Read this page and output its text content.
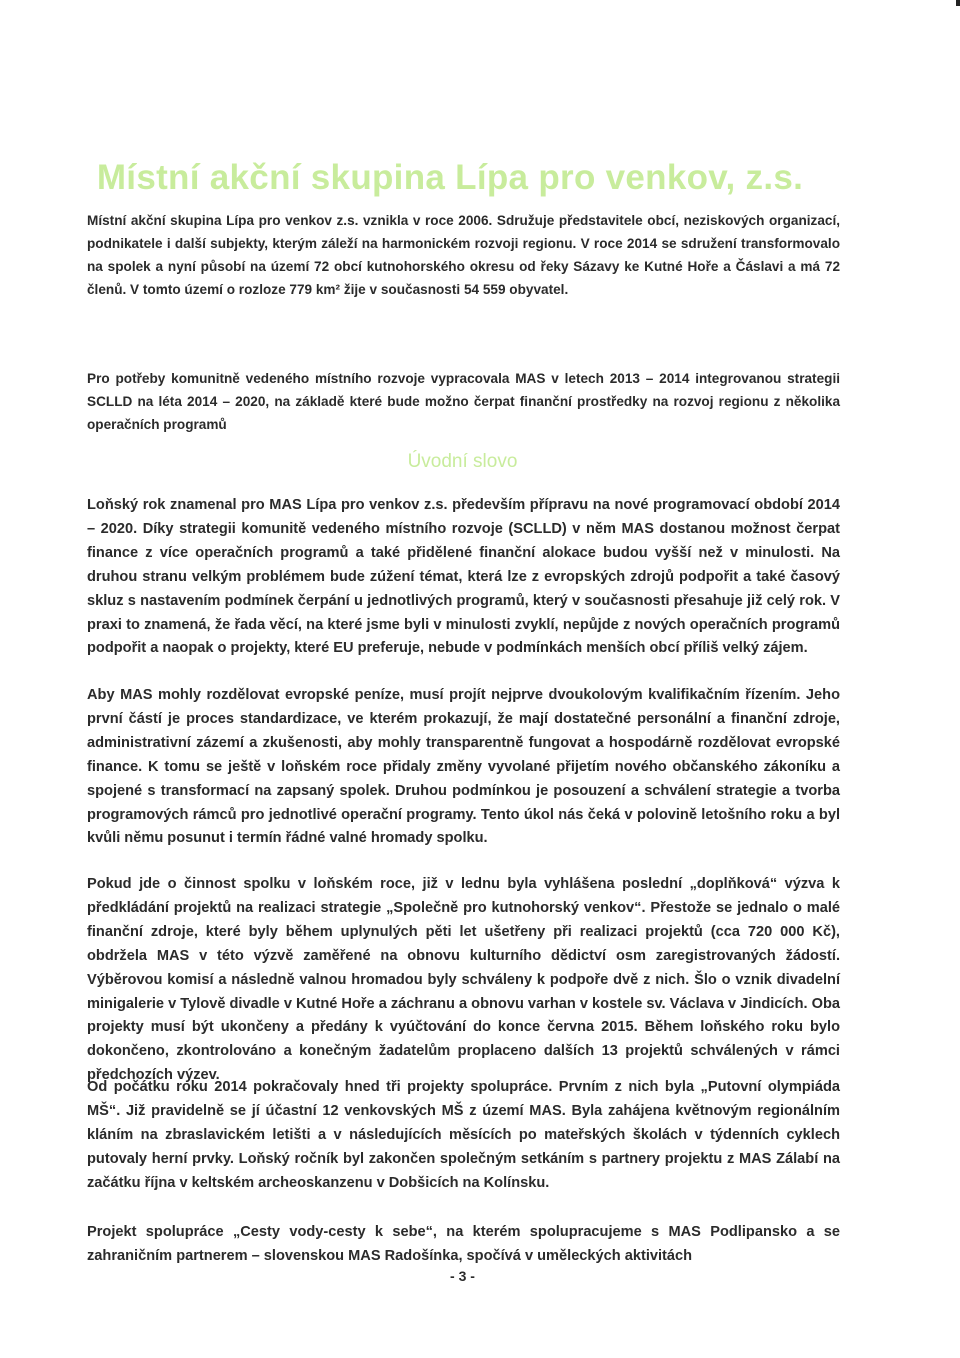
Místní akční skupina Lípa pro venkov, z.s.

Místní akční skupina Lípa pro venkov z.s. vznikla v roce 2006. Sdružuje představitele obcí, neziskových organizací, podnikatele i další subjekty, kterým záleží na harmonickém rozvoji regionu. V roce 2014 se sdružení transformovalo na spolek a nyní působí na území 72 obcí kutnohorského okresu od řeky Sázavy ke Kutné Hoře a Čáslavi a má 72 členů. V tomto území o rozloze 779 km² žije v současnosti 54 559 obyvatel.

Pro potřeby komunitně vedeného místního rozvoje vypracovala MAS v letech 2013 – 2014 integrovanou strategii SCLLD na léta 2014 – 2020, na základě které bude možno čerpat finanční prostředky na rozvoj regionu z několika operačních programů

Úvodní slovo

Loňský rok znamenal pro MAS Lípa pro venkov z.s. především přípravu na nové programovací období 2014 – 2020. Díky strategii komunitě vedeného místního rozvoje (SCLLD) v něm MAS dostanou možnost čerpat finance z více operačních programů a také přidělené finanční alokace budou vyšší než v minulosti. Na druhou stranu velkým problémem bude zúžení témat, která lze z evropských zdrojů podpořit a také časový skluz s nastavením podmínek čerpání u jednotlivých programů, který v současnosti přesahuje již celý rok. V praxi to znamená, že řada věcí, na které jsme byli v minulosti zvyklí, nepůjde z nových operačních programů podpořit a naopak o projekty, které EU preferuje, nebude v podmínkách menších obcí příliš velký zájem.

Aby MAS mohly rozdělovat evropské peníze, musí projít nejprve dvoukolovým kvalifikačním řízením. Jeho první částí je proces standardizace, ve kterém prokazují, že mají dostatečné personální a finanční zdroje, administrativní zázemí a zkušenosti, aby mohly transparentně fungovat a hospodárně rozdělovat evropské finance. K tomu se ještě v loňském roce přidaly změny vyvolané přijetím nového občanského zákoníku a spojené s transformací na zapsaný spolek. Druhou podmínkou je posouzení a schválení strategie a tvorba programových rámců pro jednotlivé operační programy. Tento úkol nás čeká v polovině letošního roku a byl kvůli němu posunut i termín řádné valné hromady spolku.

Pokud jde o činnost spolku v loňském roce, již v lednu byla vyhlášena poslední „doplňková“ výzva k předkládání projektů na realizaci strategie „Společně pro kutnohorský venkov“. Přestože se jednalo o malé finanční zdroje, které byly během uplynulých pěti let ušetřeny při realizaci projektů (cca 720 000 Kč), obdržela MAS v této výzvě zaměřené na obnovu kulturního dědictví osm zaregistrovaných žádostí. Výběrovou komisí a následně valnou hromadou byly schváleny k podpoře dvě z nich. Šlo o vznik divadelní minigalerie v Tylově divadle v Kutné Hoře a záchranu a obnovu varhan v kostele sv. Václava v Jindicích. Oba projekty musí být ukončeny a předány k vyúčtování do konce června 2015. Během loňského roku bylo dokončeno, zkontrolováno a konečným žadatelům proplaceno dalších 13 projektů schválených v rámci předchozích výzev.

Od počátku roku 2014 pokračovaly hned tři projekty spolupráce. Prvním z nich byla „Putovní olympiáda MŠ“. Již pravidelně se jí účastní 12 venkovských MŠ z území MAS. Byla zahájena květnovým regionálním kláním na zbraslavickém letišti a v následujících měsících po mateřských školách v týdenních cyklech putovaly herní prvky. Loňský ročník byl zakončen společným setkáním s partnery projektu z MAS Zálabí na začátku října v keltském archeoskanzenu v Dobšicích na Kolínsku.

Projekt spolupráce „Cesty vody-cesty k sebe“, na kterém spolupracujeme s MAS Podlipansko a se zahraničním partnerem – slovenskou MAS Radošínka, spočívá v uměleckých aktivitách

- 3 -
